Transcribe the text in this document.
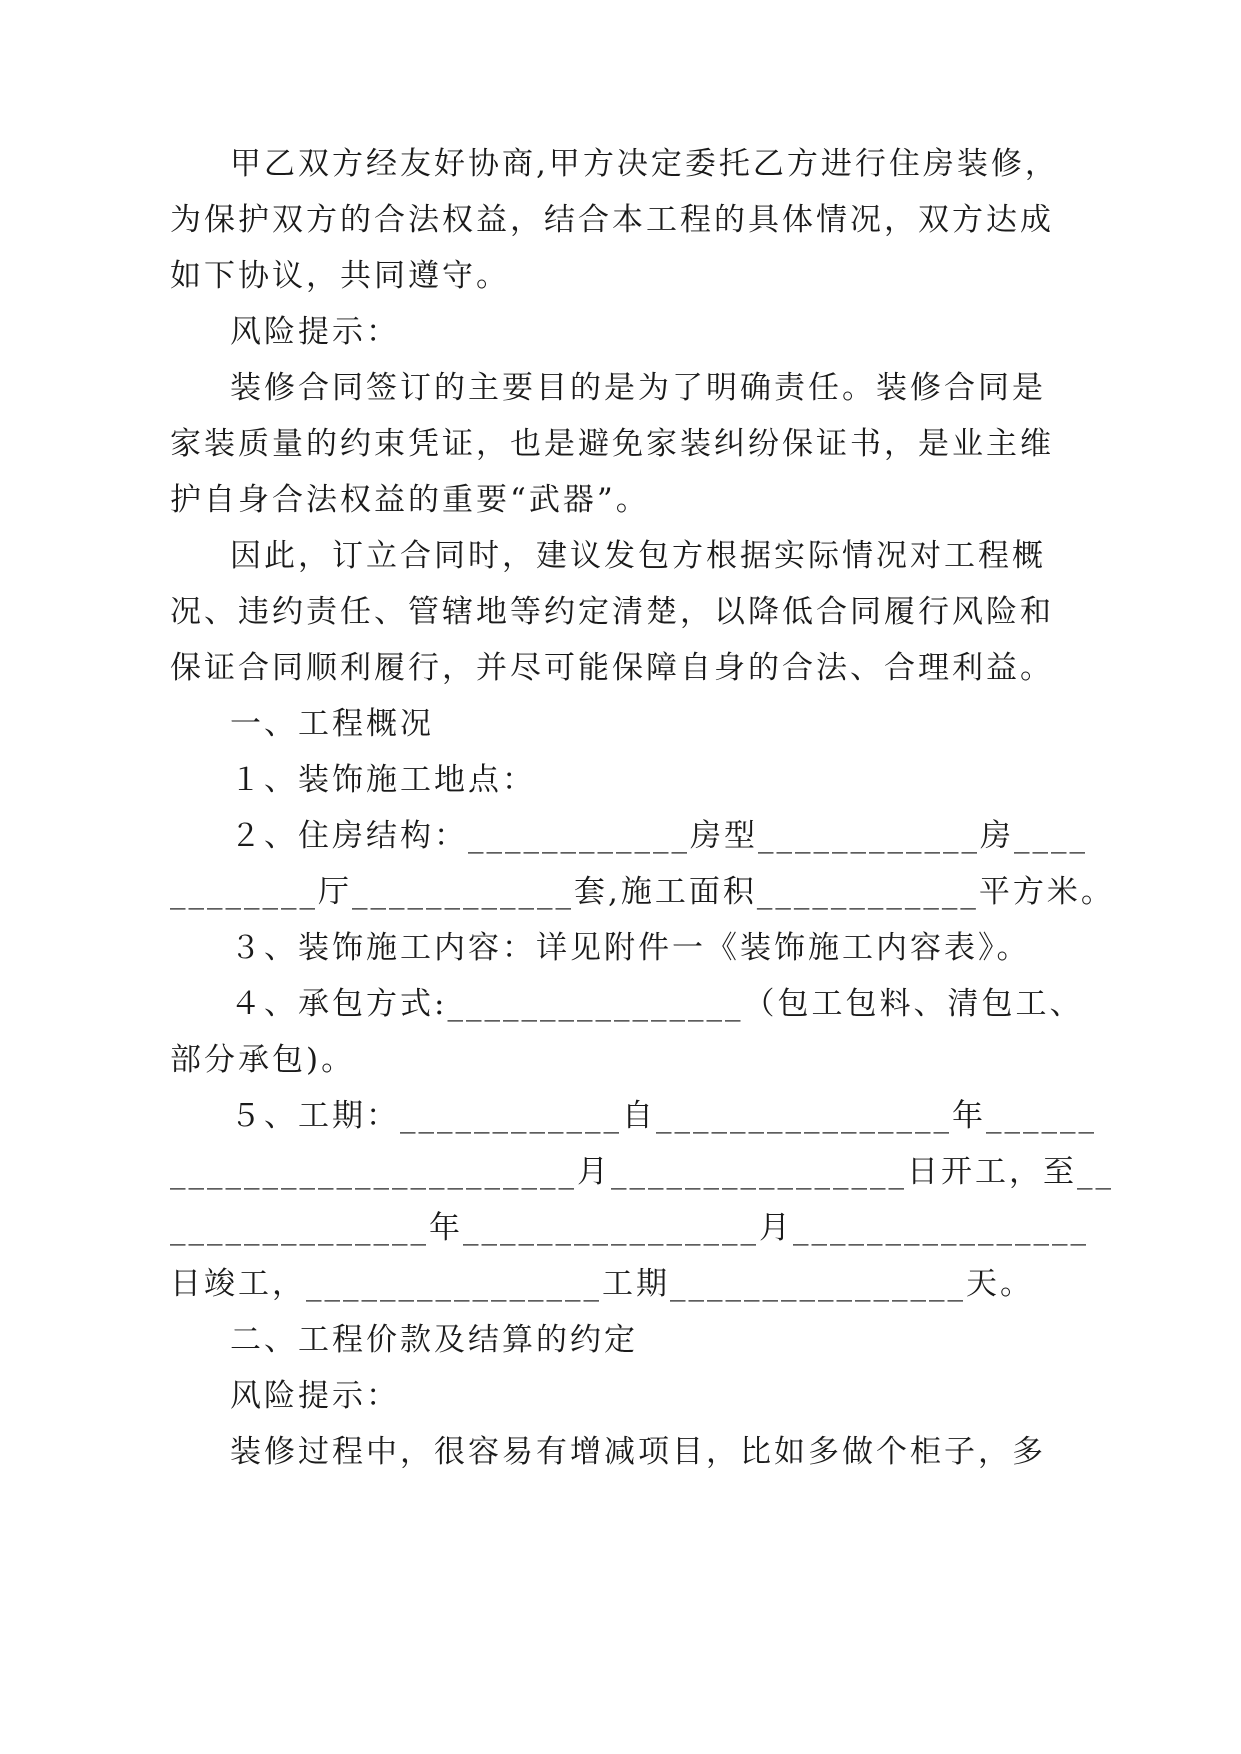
甲乙双方经友好协商,甲方决定委托乙方进行住房装修，

为保护双方的合法权益，结合本工程的具体情况，双方达成

如下协议，共同遵守。

风险提示：

装修合同签订的主要目的是为了明确责任。装修合同是

家装质量的约束凭证，也是避免家装纠纷保证书，是业主维

护自身合法权益的重要“武器”。

因此，订立合同时，建议发包方根据实际情况对工程概

况、违约责任、管辖地等约定清楚，以降低合同履行风险和

保证合同顺利履行，并尽可能保障自身的合法、合理利益。

一、工程概况

１、装饰施工地点：

２、住房结构：____________房型____________房____

________厅____________套,施工面积____________平方米。

３、装饰施工内容：详见附件一《装饰施工内容表》。

４、承包方式:________________（包工包料、清包工、

部分承包)。

５、工期：____________自________________年______

______________________月________________日开工，至__

______________年________________月________________

日竣工，________________工期________________天。

二、工程价款及结算的约定

风险提示：

装修过程中，很容易有增减项目，比如多做个柜子，多
